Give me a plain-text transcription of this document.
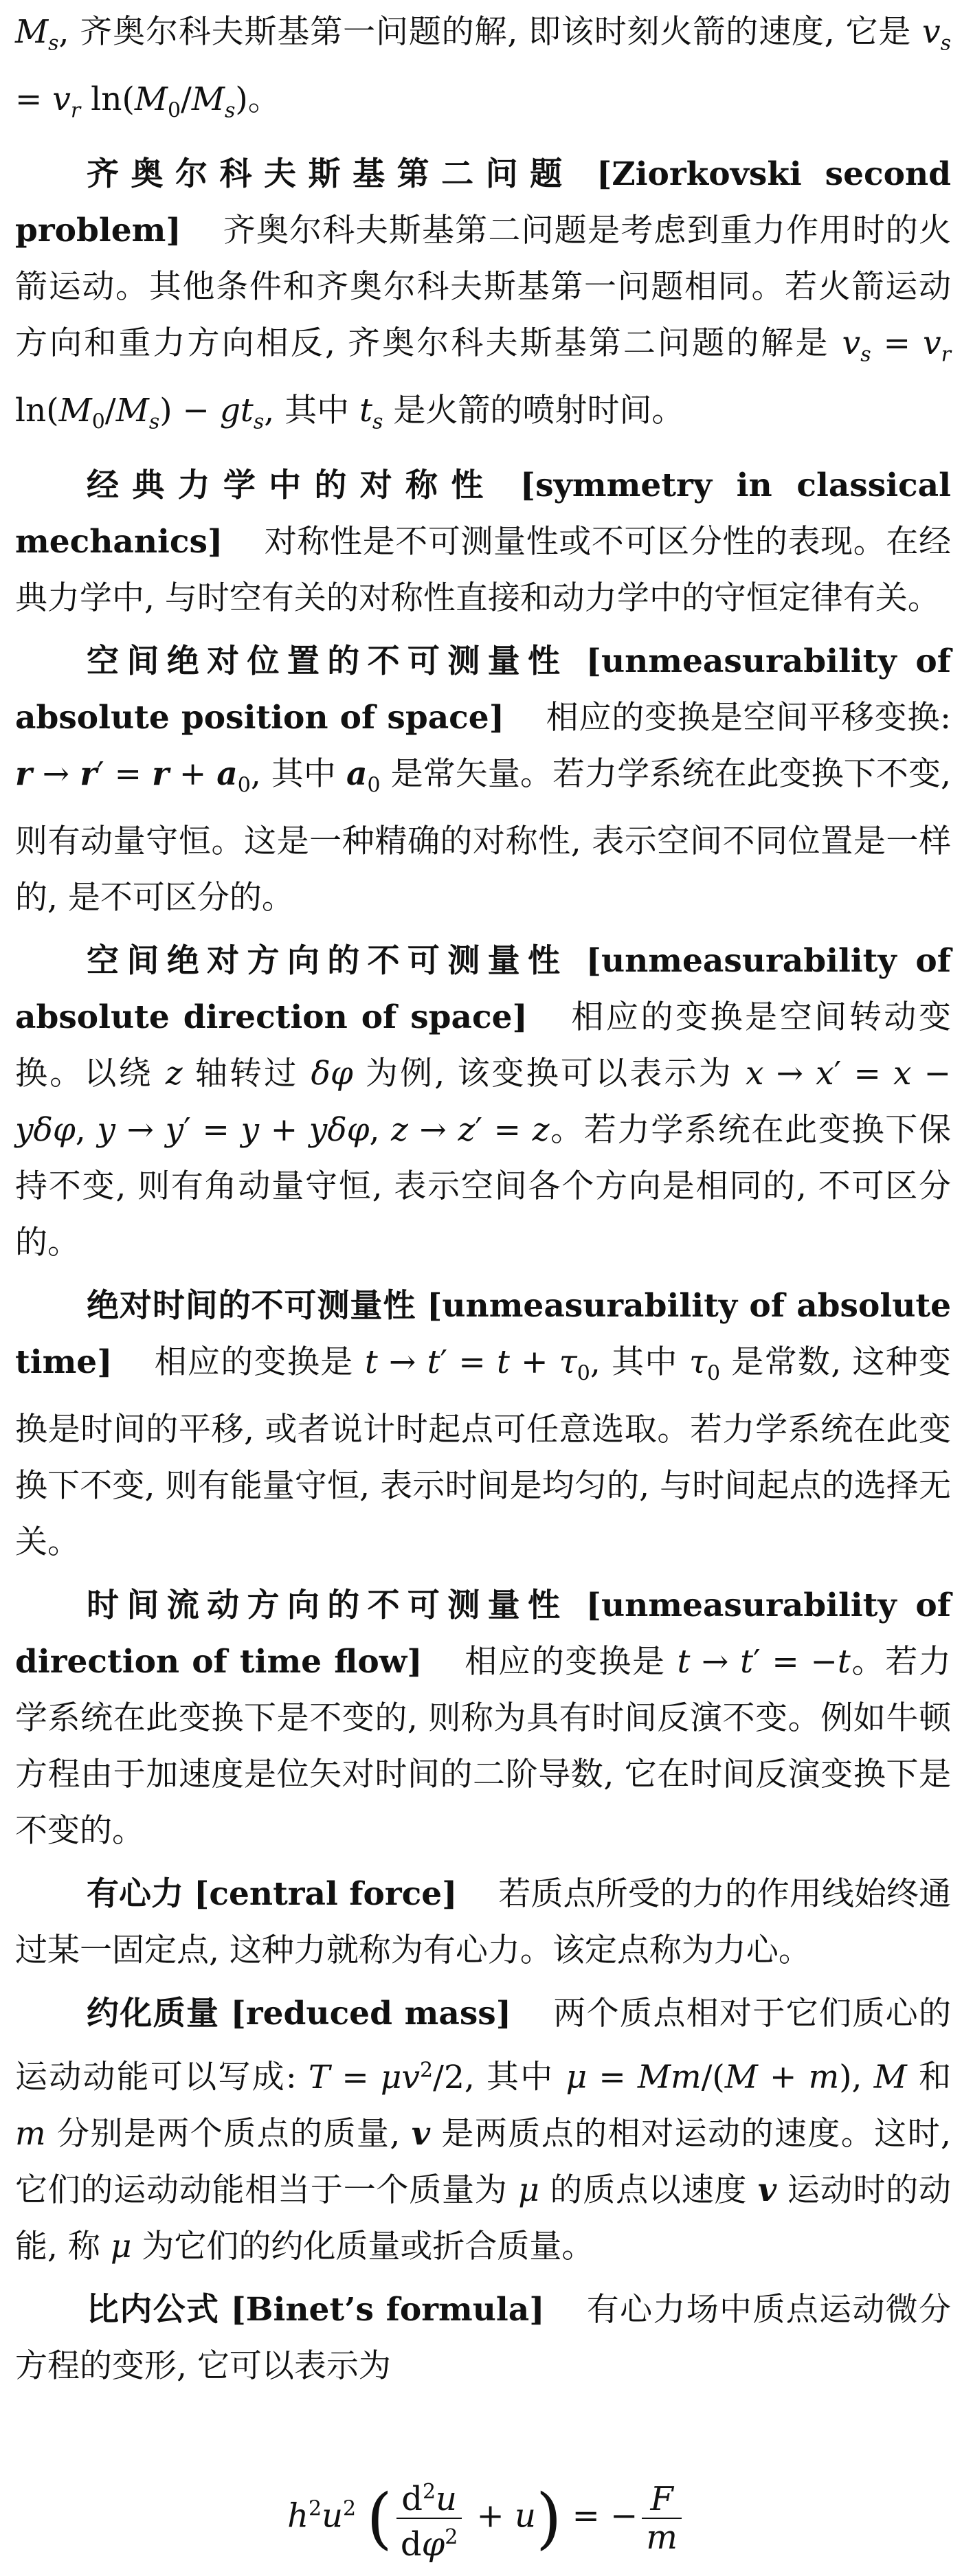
$M_s$, 齐奥尔科夫斯基第一问题的解, 即该时刻火箭的速度, 它是 $v_s = v_r$ $\ln(M_0/M_s)$。

齐奥尔科夫斯基第二问题 [Ziorkovski second problem] 齐奥尔科夫斯基第二问题是考虑到重力作用时的火箭运动。其他条件和齐奥尔科夫斯基第一问题相同。若火箭运动方向和重力方向相反, 齐奥尔科夫斯基第二问题的解是 $v_s = v_r$ $\ln(M_0/M_s) - gt_s$, 其中 $t_s$ 是火箭的喷射时间。

经典力学中的对称性 [symmetry in classical mechanics] 对称性是不可测量性或不可区分性的表现。在经典力学中, 与时空有关的对称性直接和动力学中的守恒定律有关。

空间绝对位置的不可测量性 [unmeasurability of absolute position of space] 相应的变换是空间平移变换: $r \to r' = r + a_0$, 其中 $a_0$ 是常矢量。若力学系统在此变换下不变, 则有动量守恒。这是一种精确的对称性, 表示空间不同位置是一样的, 是不可区分的。

空间绝对方向的不可测量性 [unmeasurability of absolute direction of space] 相应的变换是空间转动变换。以绕 z 轴转过 δφ 为例, 该变换可以表示为 x → x′ = x − yδφ, y → y′ = y + yδφ, z → z′ = z。若力学系统在此变换下保持不变, 则有角动量守恒, 表示空间各个方向是相同的, 不可区分的。

绝对时间的不可测量性 [unmeasurability of absolute time] 相应的变换是 $t \to t' = t + \tau_0$, 其中 $\tau_0$ 是常数, 这种变换是时间的平移, 或者说计时起点可任意选取。若力学系统在此变换下不变, 则有能量守恒, 表示时间是均匀的, 与时间起点的选择无关。

时间流动方向的不可测量性 [unmeasurability of direction of time flow] 相应的变换是 t → t′ = −t。若力学系统在此变换下是不变的, 则称为具有时间反演不变。例如牛顿方程由于加速度是位矢对时间的二阶导数, 它在时间反演变换下是不变的。

有心力 [central force] 若质点所受的力的作用线始终通过某一固定点, 这种力就称为有心力。该定点称为力心。

约化质量 [reduced mass] 两个质点相对于它们质心的运动动能可以写成: $T = \mu v^2/2$, 其中 μ = Mm/(M + m), M 和 m 分别是两个质点的质量, v 是两质点的相对运动的速度。这时, 它们的运动动能相当于一个质量为 μ 的质点以速度 v 运动时的动能, 称 μ 为它们的约化质量或折合质量。

比内公式 [Binet’s formula] 有心力场中质点运动微分方程的变形, 它可以表示为

$h^2u^2$ ( $\frac{d^2u}{d\varphi^2} + u$) = − $\frac{F}{m}$
